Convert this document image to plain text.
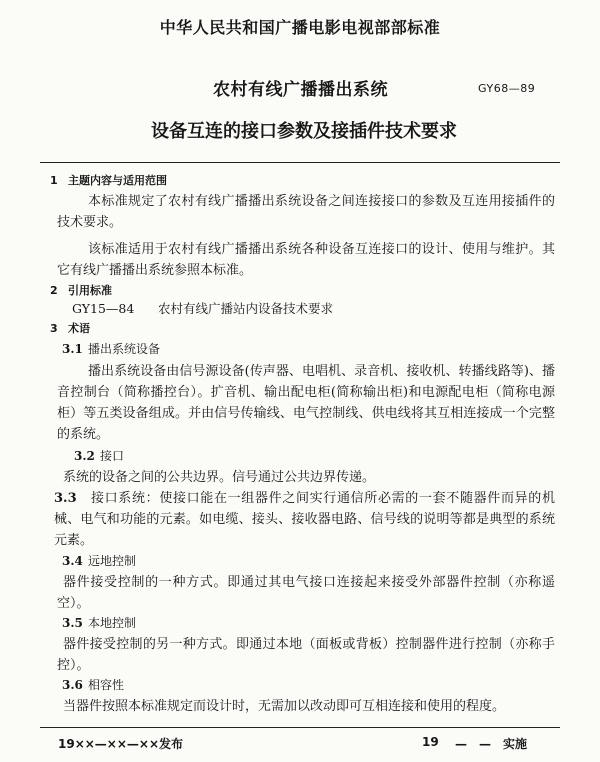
中华人民共和国广播电影电视部部标准
农村有线广播播出系统	GY68—89
设备互连的接口参数及接插件技术要求
1 主题内容与适用范围
本标准规定了农村有线广播播出系统设备之间连接接口的参数及互连用接插件的技术要求。
该标准适用于农村有线广播播出系统各种设备互连接口的设计、使用与维护。其它有线广播播出系统参照本标准。
2 引用标准
GY15—84 农村有线广播站内设备技术要求
3 术语
3.1 播出系统设备
播出系统设备由信号源设备(传声器、电唱机、录音机、接收机、转播线路等)、播音控制台（简称播控台）。扩音机、输出配电柜(简称输出柜)和电源配电柜（简称电源柜）等五类设备组成。并由信号传输线、电气控制线、供电线将其互相连接成一个完整的系统。
3.2 接口
系统的设备之间的公共边界。信号通过公共边界传递。
3.3　 接口系统：使接口能在一组器件之间实行通信所必需的一套不随器件而异的机械、电气和功能的元素。如电缆、接头、接收器电路、信号线的说明等都是典型的系统元素。
3.4 远地控制
器件接受控制的一种方式。即通过其电气接口连接起来接受外部器件控制（亦称遥空）。
3.5 本地控制
器件接受控制的另一种方式。即通过本地（面板或背板）控制器件进行控制（亦称手控）。
3.6 相容性
当器件按照本标准规定而设计时，无需加以改动即可互相连接和使用的程度。
19××—××—××发布	19 —　—　实施
